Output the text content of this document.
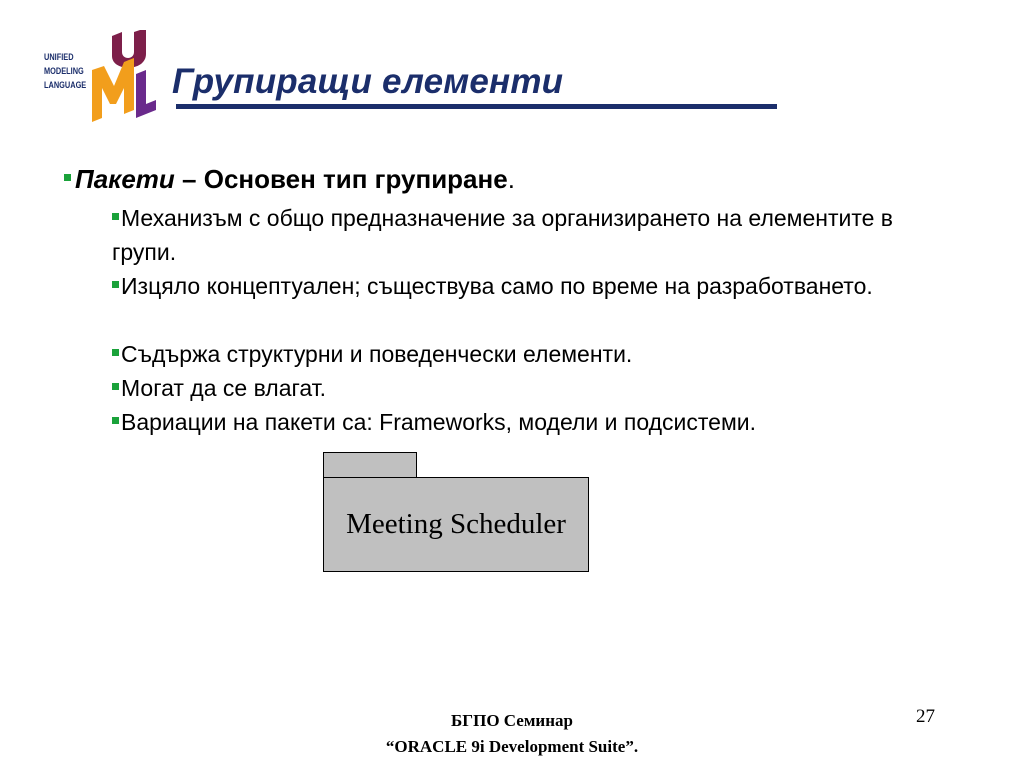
UNIFIED
MODELING
LANGUAGE Групиращи елементи
Пакети – Основен тип групиране.
Механизъм с общо предназначение за организирането на елементите в групи.
Изцяло концептуален; съществува само по време на разработването.
Съдържа структурни и поведенчески елементи.
Могат да се влагат.
Вариации на пакети са: Frameworks, модели и подсистеми.
Meeting Scheduler
БГПО Семинар
“ORACLE 9i Development Suite”.
27
